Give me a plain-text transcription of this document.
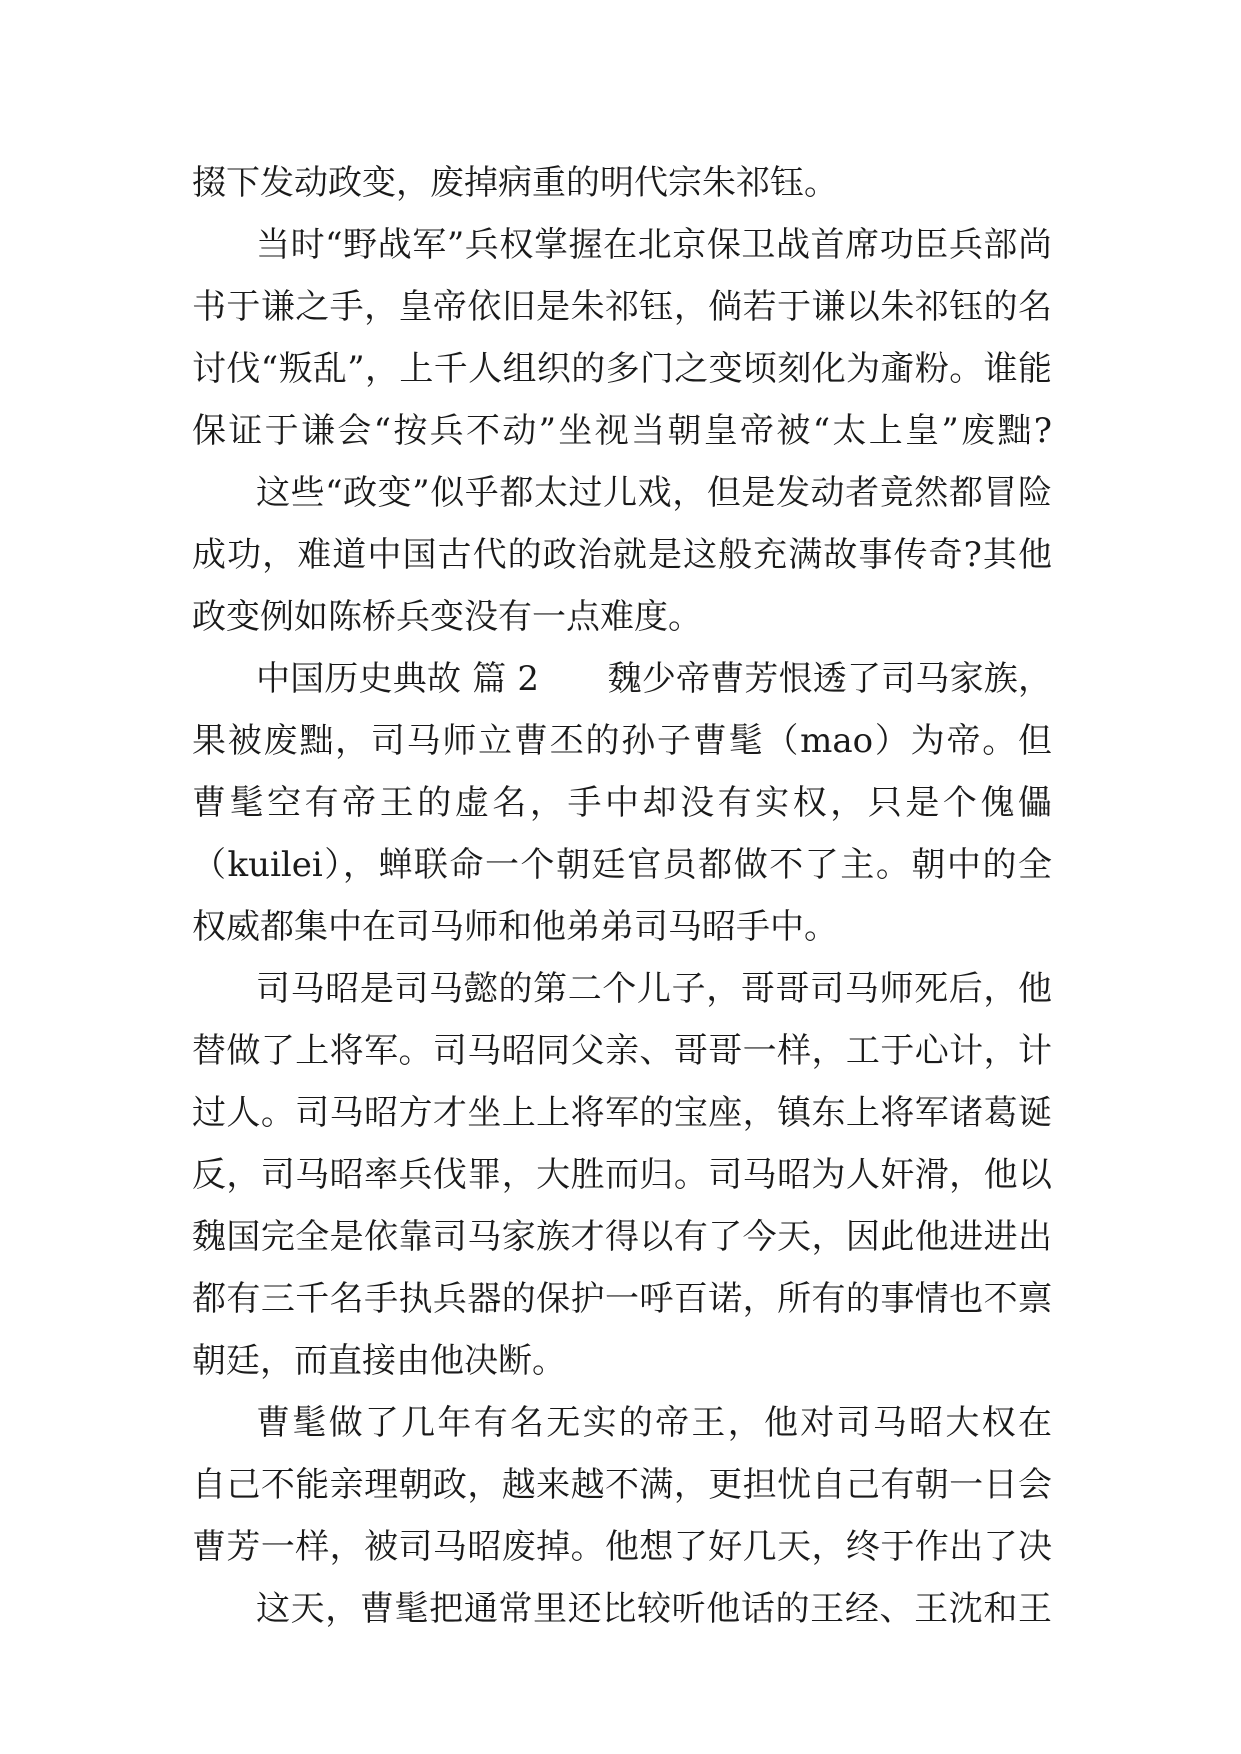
掇下发动政变，废掉病重的明代宗朱祁钰。
当时“野战军”兵权掌握在北京保卫战首席功臣兵部尚
书于谦之手，皇帝依旧是朱祁钰，倘若于谦以朱祁钰的名
讨伐“叛乱”，上千人组织的多门之变顷刻化为齑粉。谁能
保证于谦会“按兵不动”坐视当朝皇帝被“太上皇”废黜?
这些“政变”似乎都太过儿戏，但是发动者竟然都冒险
成功，难道中国古代的政治就是这般充满故事传奇?其他
政变例如陈桥兵变没有一点难度。
中国历史典故 篇 2　　魏少帝曹芳恨透了司马家族，
果被废黜，司马师立曹丕的孙子曹髦（mao）为帝。但
曹髦空有帝王的虚名，手中却没有实权，只是个傀儡
（kuilei），蝉联命一个朝廷官员都做不了主。朝中的全
权威都集中在司马师和他弟弟司马昭手中。
司马昭是司马懿的第二个儿子，哥哥司马师死后，他
替做了上将军。司马昭同父亲、哥哥一样，工于心计，计
过人。司马昭方才坐上上将军的宝座，镇东上将军诸葛诞
反，司马昭率兵伐罪，大胜而归。司马昭为人奸滑，他以
魏国完全是依靠司马家族才得以有了今天，因此他进进出
都有三千名手执兵器的保护一呼百诺，所有的事情也不禀
朝廷，而直接由他决断。
曹髦做了几年有名无实的帝王，他对司马昭大权在
自己不能亲理朝政，越来越不满，更担忧自己有朝一日会
曹芳一样，被司马昭废掉。他想了好几天，终于作出了决
这天，曹髦把通常里还比较听他话的王经、王沈和王
